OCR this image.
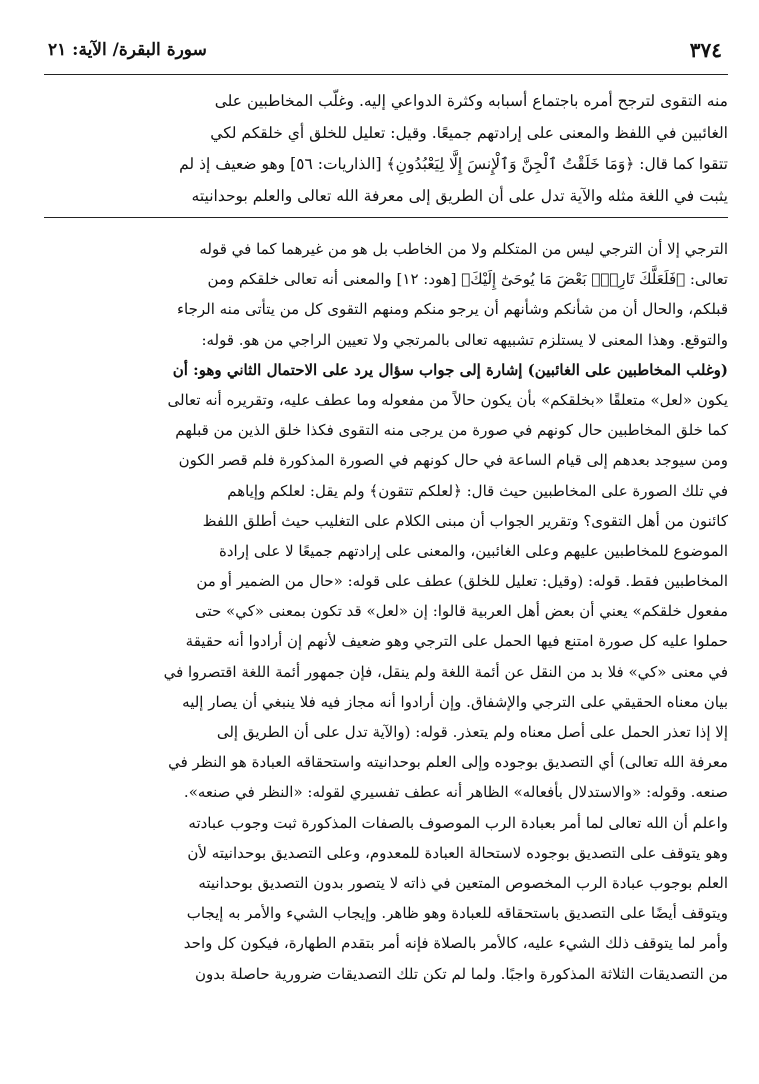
٣٧٤
سورة البقرة/ الآية: ٢١
منه التقوى لترجح أمره باجتماع أسبابه وكثرة الدواعي إليه. وغلّب المخاطبين على
الغائبين في اللفظ والمعنى على إرادتهم جميعًا. وقيل: تعليل للخلق أي خلقكم لكي
تتقوا كما قال: ﴿وَمَا خَلَقْتُ ٱلْجِنَّ وَٱلْإِنسَ إِلَّا لِيَعْبُدُونِ﴾ [الذاريات: ٥٦] وهو ضعيف إذ لم
يثبت في اللغة مثله والآية تدل على أن الطريق إلى معرفة الله تعالى والعلم بوحدانيته
الترجي إلا أن الترجي ليس من المتكلم ولا من الخاطب بل هو من غيرهما كما في قوله
تعالى: ﴿فَلَعَلَّكَ تَارِكٌۢ بَعْضَ مَا يُوحَىٰٓ إِلَيْكَ﴾ [هود: ١٢] والمعنى أنه تعالى خلقكم ومن
قبلكم، والحال أن من شأنكم وشأنهم أن يرجو منكم ومنهم التقوى كل من يتأتى منه الرجاء
والتوقع. وهذا المعنى لا يستلزم تشبيهه تعالى بالمرتجي ولا تعيين الراجي من هو. قوله:
(وغلب المخاطبين على الغائبين) إشارة إلى جواب سؤال يرد على الاحتمال الثاني وهو: أن
يكون «لعل» متعلقًا «بخلقكم» بأن يكون حالاً من مفعوله وما عطف عليه، وتقريره أنه تعالى
كما خلق المخاطبين حال كونهم في صورة من يرجى منه التقوى فكذا خلق الذين من قبلهم
ومن سيوجد بعدهم إلى قيام الساعة في حال كونهم في الصورة المذكورة فلم قصر الكون
في تلك الصورة على المخاطبين حيث قال: ﴿لعلكم تتقون﴾ ولم يقل: لعلكم وإياهم
كائنون من أهل التقوى؟ وتقرير الجواب أن مبنى الكلام على التغليب حيث أطلق اللفظ
الموضوع للمخاطبين عليهم وعلى الغائبين، والمعنى على إرادتهم جميعًا لا على إرادة
المخاطبين فقط. قوله: (وقيل: تعليل للخلق) عطف على قوله: «حال من الضمير أو من
مفعول خلقكم» يعني أن بعض أهل العربية قالوا: إن «لعل» قد تكون بمعنى «كي» حتى
حملوا عليه كل صورة امتنع فيها الحمل على الترجي وهو ضعيف لأنهم إن أرادوا أنه حقيقة
في معنى «كي» فلا بد من النقل عن أئمة اللغة ولم ينقل، فإن جمهور أئمة اللغة اقتصروا في
بيان معناه الحقيقي على الترجي والإشفاق. وإن أرادوا أنه مجاز فيه فلا ينبغي أن يصار إليه
إلا إذا تعذر الحمل على أصل معناه ولم يتعذر. قوله: (والآية تدل على أن الطريق إلى
معرفة الله تعالى) أي التصديق بوجوده وإلى العلم بوحدانيته واستحقاقه العبادة هو النظر في
صنعه. وقوله: «والاستدلال بأفعاله» الظاهر أنه عطف تفسيري لقوله: «النظر في صنعه».
واعلم أن الله تعالى لما أمر بعبادة الرب الموصوف بالصفات المذكورة ثبت وجوب عبادته
وهو يتوقف على التصديق بوجوده لاستحالة العبادة للمعدوم، وعلى التصديق بوحدانيته لأن
العلم بوجوب عبادة الرب المخصوص المتعين في ذاته لا يتصور بدون التصديق بوحدانيته
ويتوقف أيضًا على التصديق باستحقاقه للعبادة وهو ظاهر. وإيجاب الشيء والأمر به إيجاب
وأمر لما يتوقف ذلك الشيء عليه، كالأمر بالصلاة فإنه أمر بتقدم الطهارة، فيكون كل واحد
من التصديقات الثلاثة المذكورة واجبًا. ولما لم تكن تلك التصديقات ضرورية حاصلة بدون
